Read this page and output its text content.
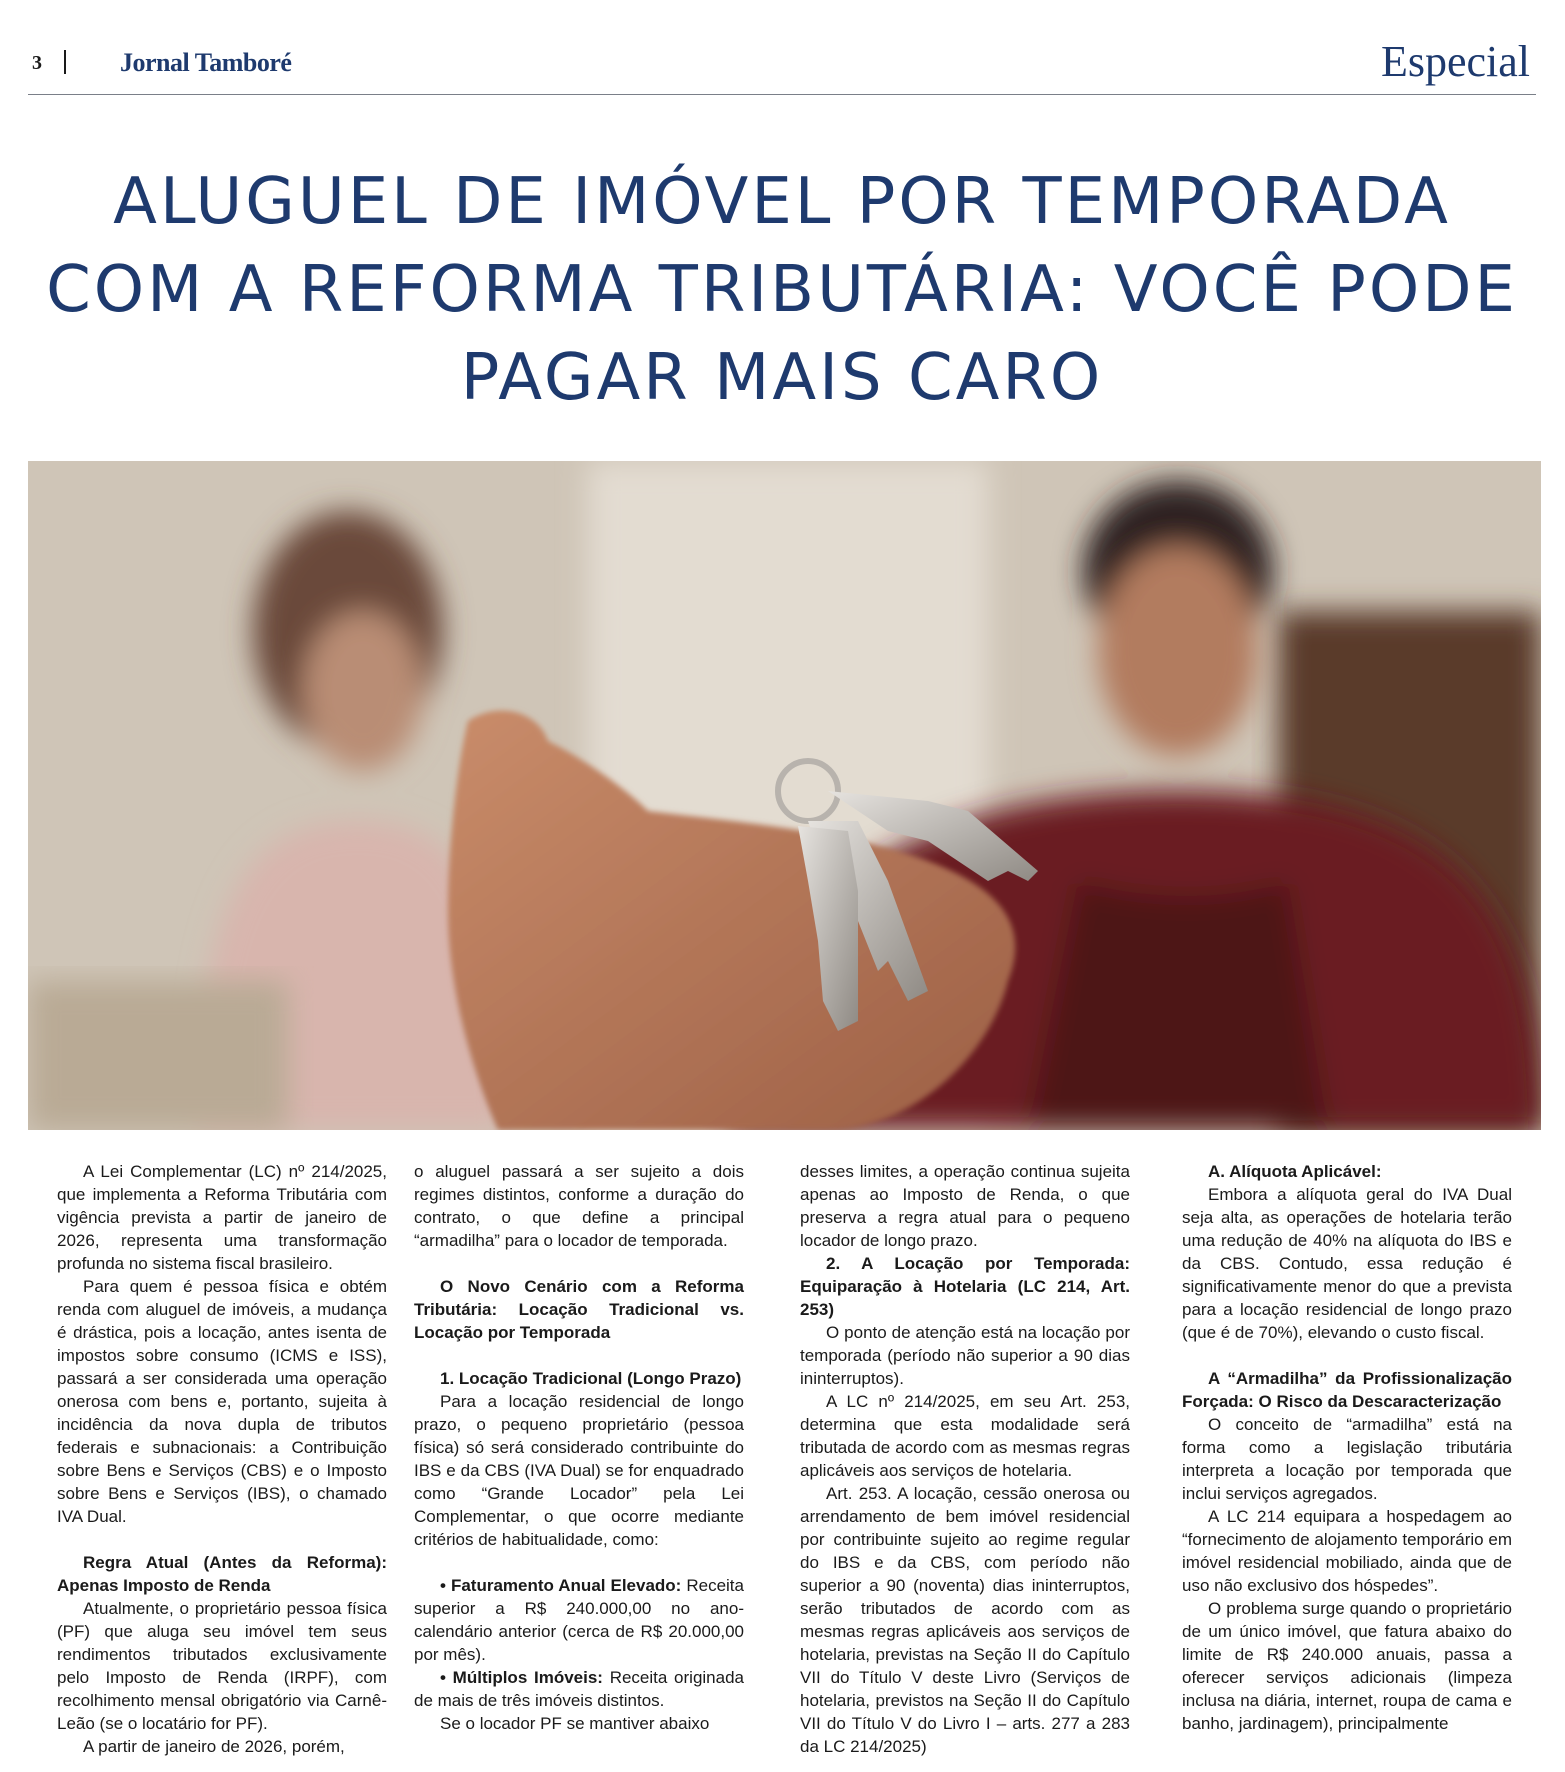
3	Jornal Tamboré	Especial
ALUGUEL DE IMÓVEL POR TEMPORADA COM A REFORMA TRIBUTÁRIA: VOCÊ PODE PAGAR MAIS CARO

A Lei Complementar (LC) nº 214/2025, que implementa a Reforma Tributária com vigência prevista a partir de janeiro de 2026, representa uma transformação profunda no sistema fiscal brasileiro.

Para quem é pessoa física e obtém renda com aluguel de imóveis, a mudança é drástica, pois a locação, antes isenta de impostos sobre consumo (ICMS e ISS), passará a ser considerada uma operação onerosa com bens e, portanto, sujeita à incidência da nova dupla de tributos federais e subnacionais: a Contribuição sobre Bens e Serviços (CBS) e o Imposto sobre Bens e Serviços (IBS), o chamado IVA Dual.

Regra Atual (Antes da Reforma): Apenas Imposto de Renda

Atualmente, o proprietário pessoa física (PF) que aluga seu imóvel tem seus rendimentos tributados exclusivamente pelo Imposto de Renda (IRPF), com recolhimento mensal obrigatório via Carnê-Leão (se o locatário for PF).

A partir de janeiro de 2026, porém,

o aluguel passará a ser sujeito a dois regimes distintos, conforme a duração do contrato, o que define a principal “armadilha” para o locador de temporada.

O Novo Cenário com a Reforma Tributária: Locação Tradicional vs. Locação por Temporada

1. Locação Tradicional (Longo Prazo)

Para a locação residencial de longo prazo, o pequeno proprietário (pessoa física) só será considerado contribuinte do IBS e da CBS (IVA Dual) se for enquadrado como “Grande Locador” pela Lei Complementar, o que ocorre mediante critérios de habitualidade, como:

• Faturamento Anual Elevado: Receita superior a R$ 240.000,00 no ano-calendário anterior (cerca de R$ 20.000,00 por mês).

• Múltiplos Imóveis: Receita originada de mais de três imóveis distintos.

Se o locador PF se mantiver abaixo

desses limites, a operação continua sujeita apenas ao Imposto de Renda, o que preserva a regra atual para o pequeno locador de longo prazo.

2. A Locação por Temporada: Equiparação à Hotelaria (LC 214, Art. 253)

O ponto de atenção está na locação por temporada (período não superior a 90 dias ininterruptos).

A LC nº 214/2025, em seu Art. 253, determina que esta modalidade será tributada de acordo com as mesmas regras aplicáveis aos serviços de hotelaria.

Art. 253. A locação, cessão onerosa ou arrendamento de bem imóvel residencial por contribuinte sujeito ao regime regular do IBS e da CBS, com período não superior a 90 (noventa) dias ininterruptos, serão tributados de acordo com as mesmas regras aplicáveis aos serviços de hotelaria, previstas na Seção II do Capítulo VII do Título V deste Livro (Serviços de hotelaria, previstos na Seção II do Capítulo VII do Título V do Livro I – arts. 277 a 283 da LC 214/2025)

A. Alíquota Aplicável:

Embora a alíquota geral do IVA Dual seja alta, as operações de hotelaria terão uma redução de 40% na alíquota do IBS e da CBS. Contudo, essa redução é significativamente menor do que a prevista para a locação residencial de longo prazo (que é de 70%), elevando o custo fiscal.

A “Armadilha” da Profissionalização Forçada: O Risco da Descaracterização

O conceito de “armadilha” está na forma como a legislação tributária interpreta a locação por temporada que inclui serviços agregados.

A LC 214 equipara a hospedagem ao “fornecimento de alojamento temporário em imóvel residencial mobiliado, ainda que de uso não exclusivo dos hóspedes”.

O problema surge quando o proprietário de um único imóvel, que fatura abaixo do limite de R$ 240.000 anuais, passa a oferecer serviços adicionais (limpeza inclusa na diária, internet, roupa de cama e banho, jardinagem), principalmente
